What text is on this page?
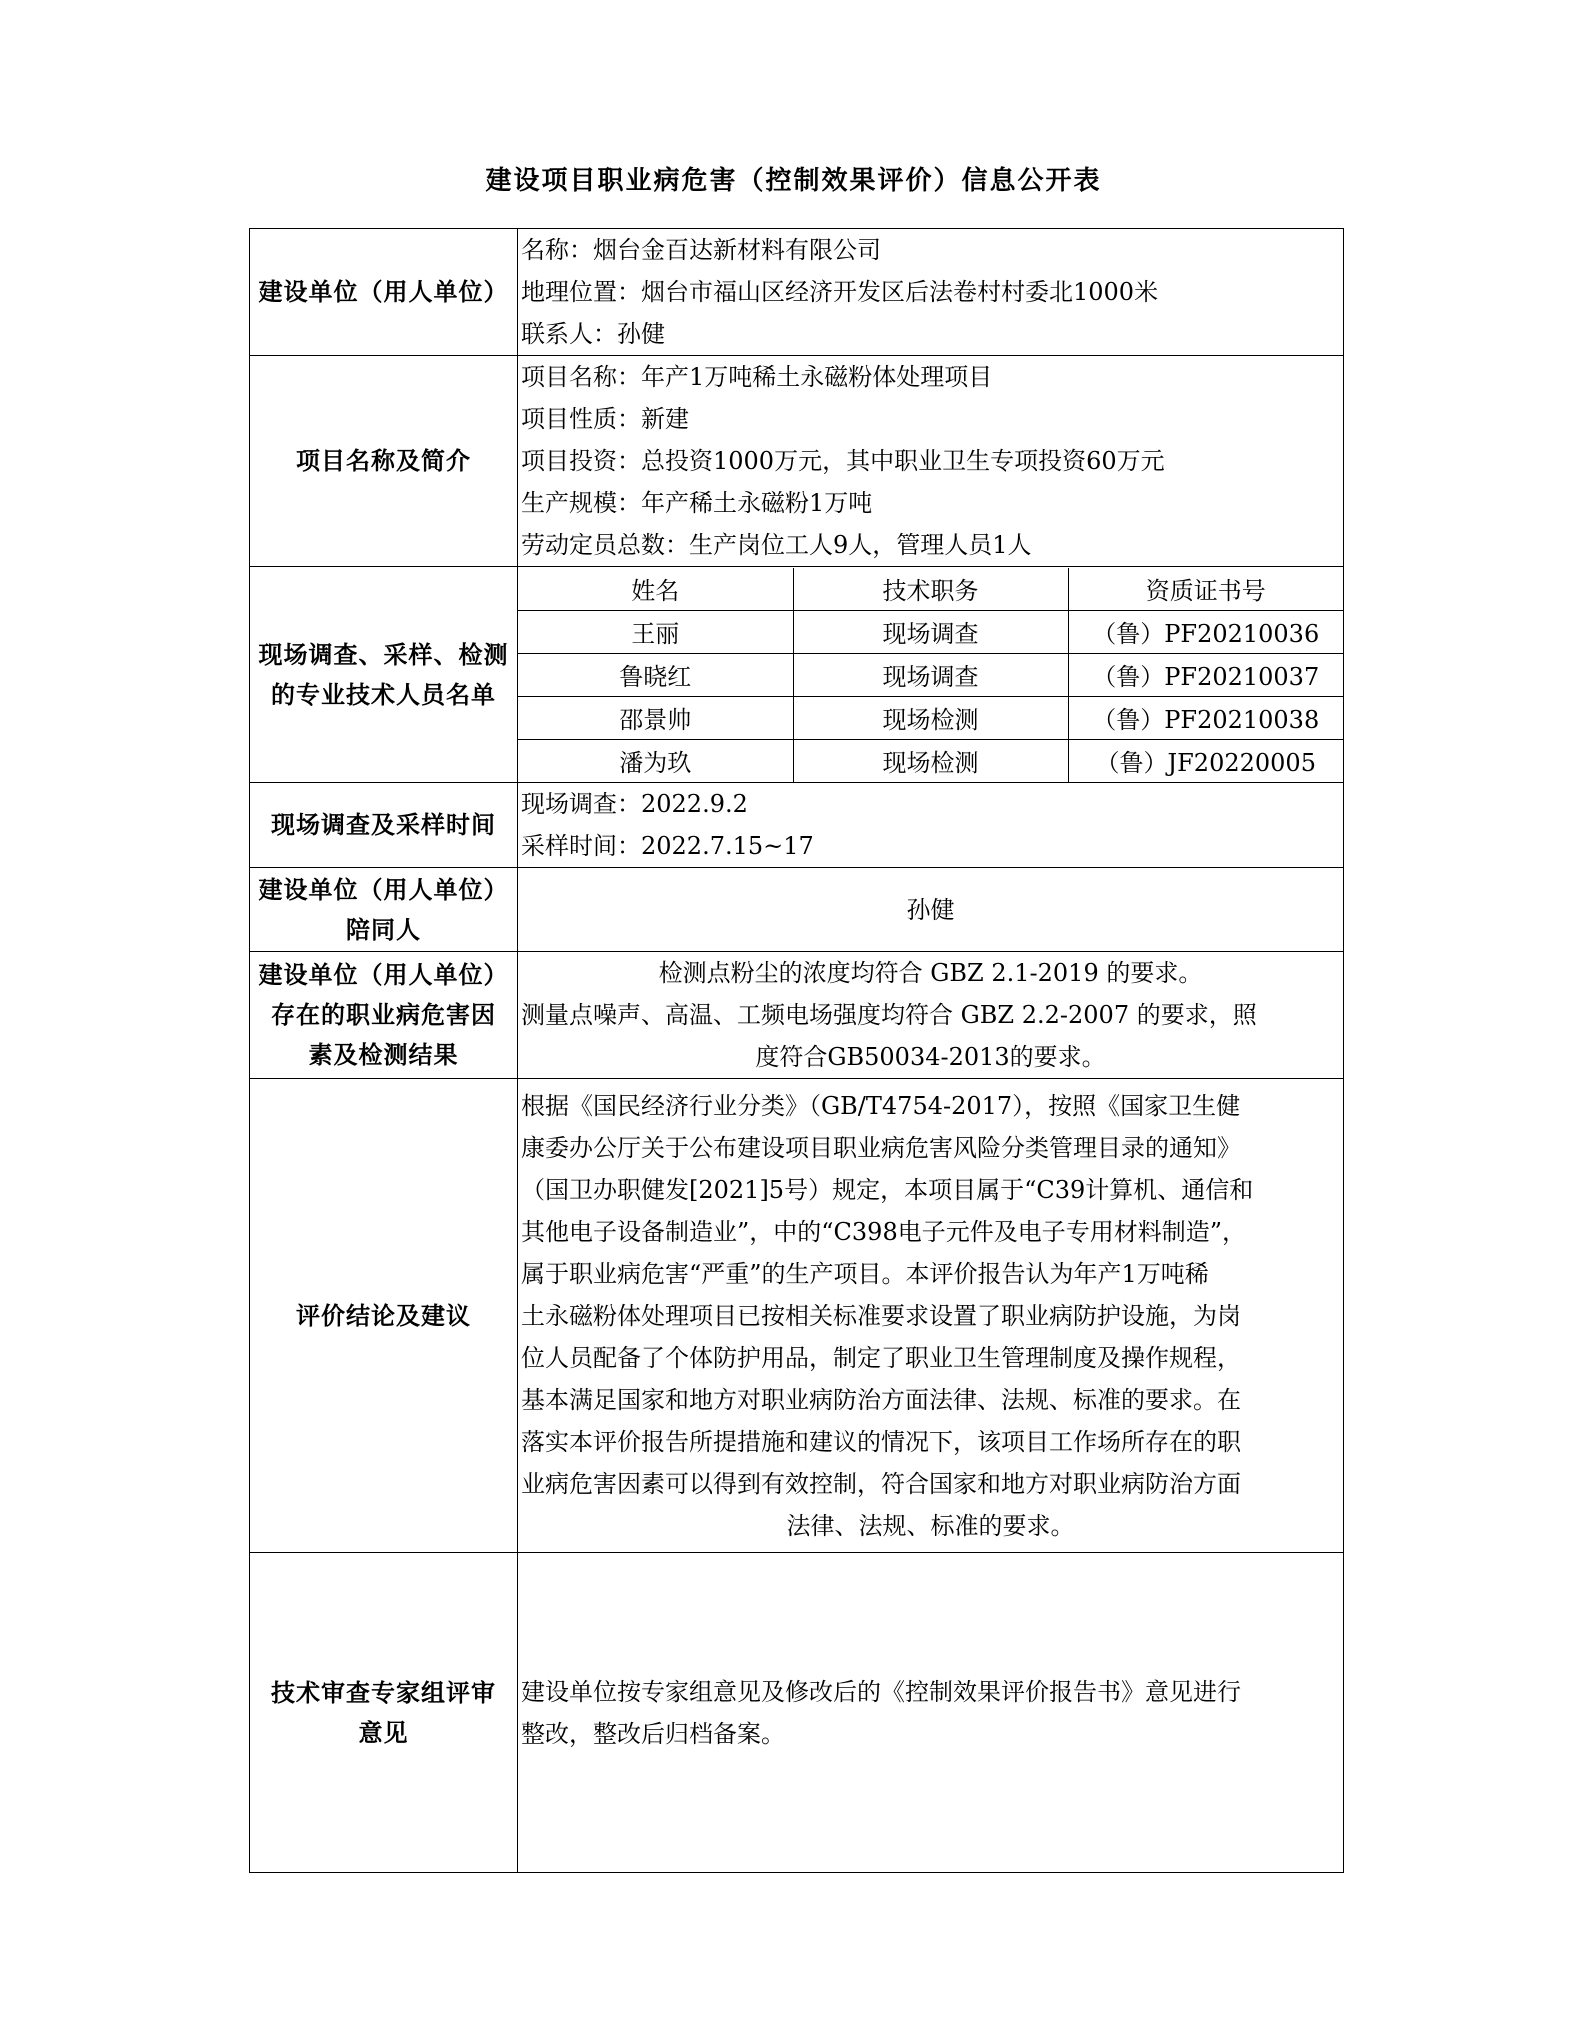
建设项目职业病危害（控制效果评价）信息公开表
建设单位（用人单位）	
名称：烟台金百达新材料有限公司
地理位置：烟台市福山区经济开发区后法卷村村委北1000米
联系人：孙健

项目名称及简介	
项目名称：年产1万吨稀土永磁粉体处理项目
项目性质：新建
项目投资：总投资1000万元，其中职业卫生专项投资60万元
生产规模：年产稀土永磁粉1万吨
劳动定员总数：生产岗位工人9人，管理人员1人

现场调查、采样、检测
的专业技术人员名单

姓名	技术职务	资质证书号
王丽	现场调查	（鲁）PF20210036
鲁晓红	现场调查	（鲁）PF20210037
邵景帅	现场检测	（鲁）PF20210038
潘为玖	现场检测	（鲁）JF20220005

现场调查及采样时间	
现场调查：2022.9.2
采样时间：2022.7.15~17

建设单位（用人单位）
陪同人
	孙健

建设单位（用人单位）
存在的职业病危害因
素及检测结果

检测点粉尘的浓度均符合 GBZ 2.1-2019 的要求。
测量点噪声、高温、工频电场强度均符合 GBZ 2.2-2007 的要求，照
度符合GB50034-2013的要求。

评价结论及建议	
根据《国民经济行业分类》（GB/T4754-2017），按照《国家卫生健
康委办公厅关于公布建设项目职业病危害风险分类管理目录的通知》
（国卫办职健发[2021]5号）规定，本项目属于“C39计算机、通信和
其他电子设备制造业”，中的“C398电子元件及电子专用材料制造”，
属于职业病危害“严重”的生产项目。本评价报告认为年产1万吨稀
土永磁粉体处理项目已按相关标准要求设置了职业病防护设施，为岗
位人员配备了个体防护用品，制定了职业卫生管理制度及操作规程，
基本满足国家和地方对职业病防治方面法律、法规、标准的要求。在
落实本评价报告所提措施和建议的情况下，该项目工作场所存在的职
业病危害因素可以得到有效控制，符合国家和地方对职业病防治方面
法律、法规、标准的要求。

技术审查专家组评审
意见

建设单位按专家组意见及修改后的《控制效果评价报告书》意见进行
整改，整改后归档备案。
